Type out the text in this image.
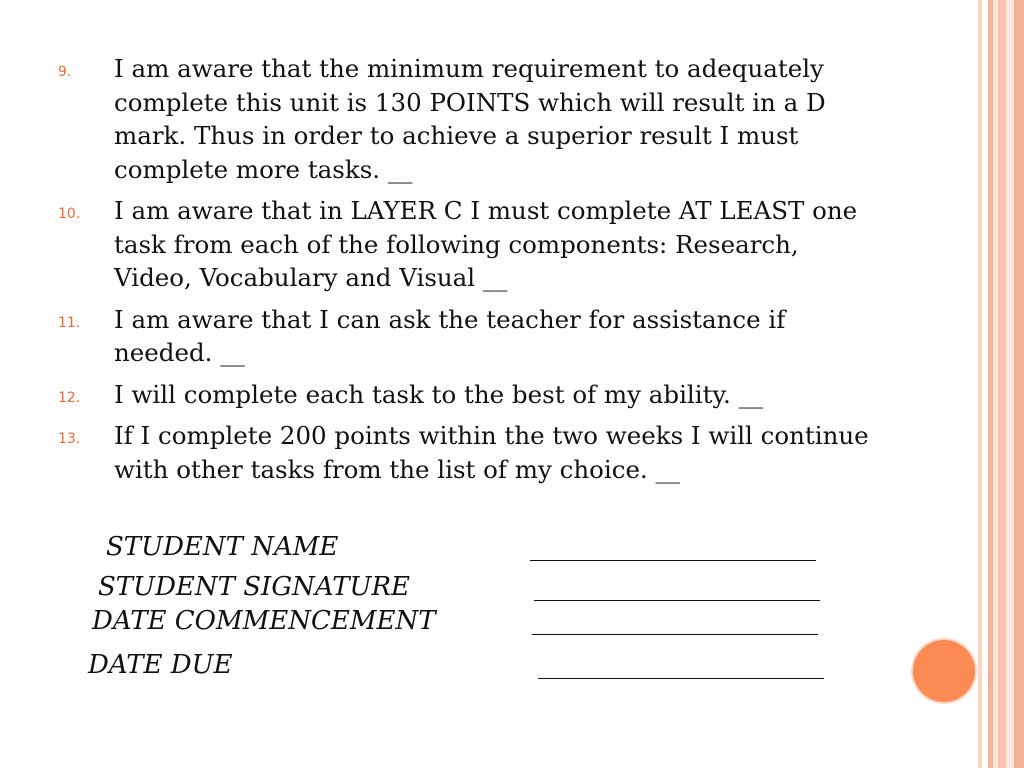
9. I am aware that the minimum requirement to adequately complete this unit is 130 POINTS which will result in a D mark. Thus in order to achieve a superior result I must complete more tasks. __
10. I am aware that in LAYER C I must complete AT LEAST one task from each of the following components: Research, Video, Vocabulary and Visual __
11. I am aware that I can ask the teacher for assistance if needed. __
12. I will complete each task to the best of my ability. __
13. If I complete 200 points within the two weeks I will continue with other tasks from the list of my choice. __
STUDENT NAME	______________________
STUDENT SIGNATURE	______________________
DATE COMMENCEMENT	______________________
DATE DUE	______________________
